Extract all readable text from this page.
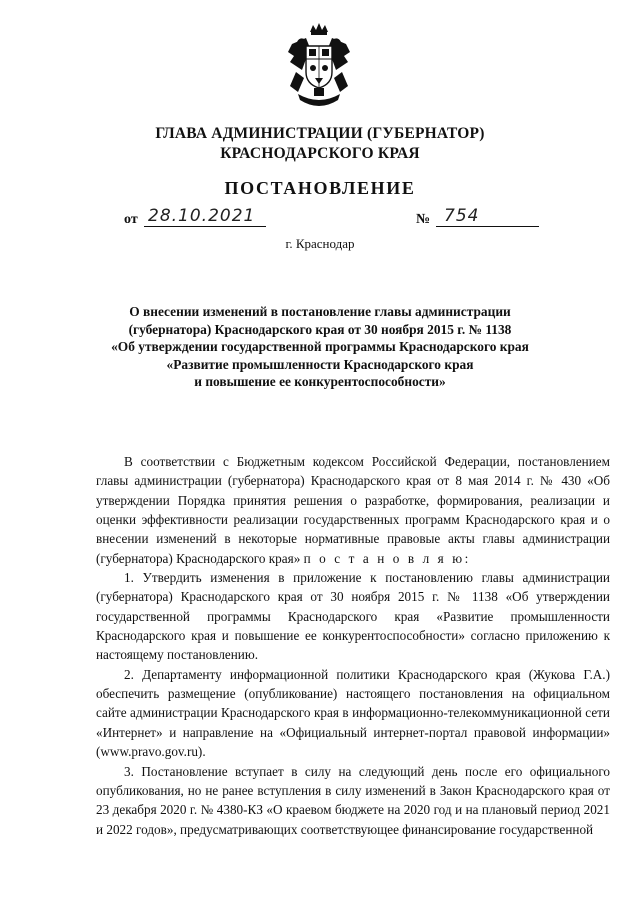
ГЛАВА АДМИНИСТРАЦИИ (ГУБЕРНАТОР)
КРАСНОДАРСКОГО КРАЯ
ПОСТАНОВЛЕНИЕ
от 28.10.2021	№ 754
г. Краснодар
О внесении изменений в постановление главы администрации
(губернатора) Краснодарского края от 30 ноября 2015 г. № 1138
«Об утверждении государственной программы Краснодарского края
«Развитие промышленности Краснодарского края
и повышение ее конкурентоспособности»

В соответствии с Бюджетным кодексом Российской Федерации, постановлением главы администрации (губернатора) Краснодарского края от 8 мая 2014 г. № 430 «Об утверждении Порядка принятия решения о разработке, формирования, реализации и оценки эффективности реализации государственных программ Краснодарского края и о внесении изменений в некоторые нормативные правовые акты главы администрации (губернатора) Краснодарского края» п о с т а н о в л я ю:

1. Утвердить изменения в приложение к постановлению главы администрации (губернатора) Краснодарского края от 30 ноября 2015 г. № 1138 «Об утверждении государственной программы Краснодарского края «Развитие промышленности Краснодарского края и повышение ее конкурентоспособности» согласно приложению к настоящему постановлению.

2. Департаменту информационной политики Краснодарского края (Жукова Г.А.) обеспечить размещение (опубликование) настоящего постановления на официальном сайте администрации Краснодарского края в информационно-телекоммуникационной сети «Интернет» и направление на «Официальный интернет-портал правовой информации» (www.pravo.gov.ru).

3. Постановление вступает в силу на следующий день после его официального опубликования, но не ранее вступления в силу изменений в Закон Краснодарского края от 23 декабря 2020 г. № 4380-КЗ «О краевом бюджете на 2020 год и на плановый период 2021 и 2022 годов», предусматривающих соответствующее финансирование государственной
